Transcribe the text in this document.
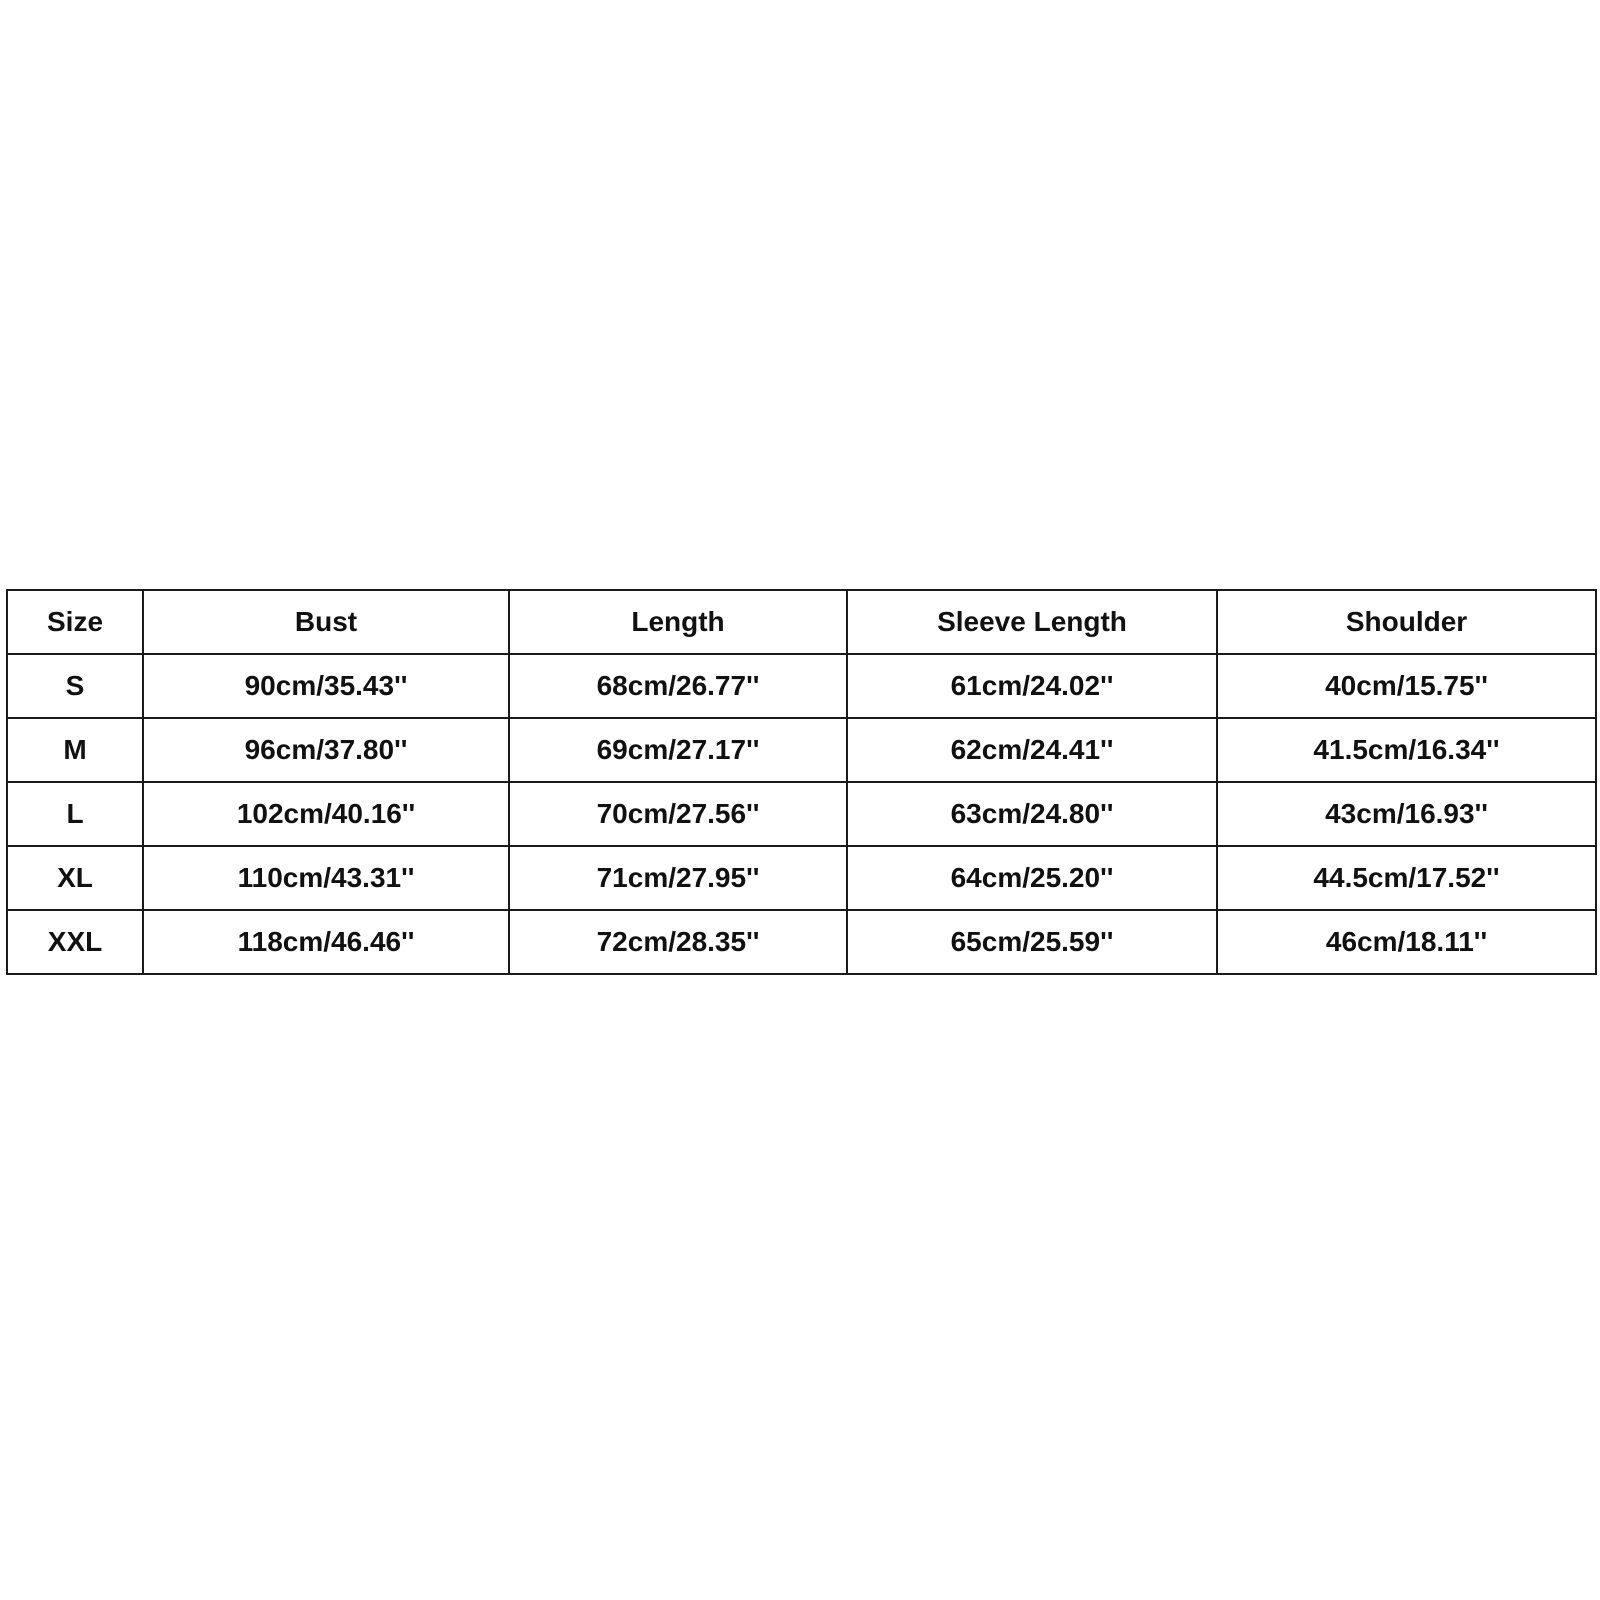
Size	Bust	Length	Sleeve Length	Shoulder
S	90cm/35.43''	68cm/26.77''	61cm/24.02''	40cm/15.75''
M	96cm/37.80''	69cm/27.17''	62cm/24.41''	41.5cm/16.34''
L	102cm/40.16''	70cm/27.56''	63cm/24.80''	43cm/16.93''
XL	110cm/43.31''	71cm/27.95''	64cm/25.20''	44.5cm/17.52''
XXL	118cm/46.46''	72cm/28.35''	65cm/25.59''	46cm/18.11''
